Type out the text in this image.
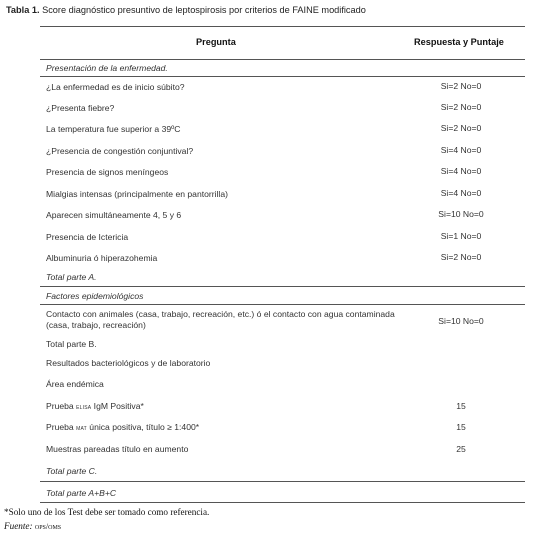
Tabla 1. Score diagnóstico presuntivo de leptospirosis por criterios de FAINE modificado
Pregunta	Respuesta y Puntaje
Presentación de la enfermedad.
¿La enfermedad es de inicio súbito?	Si=2 No=0
¿Presenta fiebre?	Si=2 No=0
La temperatura fue superior a 39ºC	Si=2 No=0
¿Presencia de congestión conjuntival?	Si=4 No=0
Presencia de signos meníngeos	Si=4 No=0
Mialgias intensas (principalmente en pantorrilla)	Si=4 No=0
Aparecen simultáneamente 4, 5 y 6	Si=10 No=0
Presencia de Ictericia	Si=1 No=0
Albuminuria ó hiperazohemia	Si=2 No=0
Total parte A.
Factores epidemiológicos
Contacto con animales (casa, trabajo, recreación, etc.) ó el contacto con agua contaminada (casa, trabajo, recreación)	Si=10 No=0
Total parte B.
Resultados bacteriológicos y de laboratorio
Área endémica
Prueba elisa IgM Positiva*	15
Prueba mat única positiva, título ≥ 1:400*	15
Muestras pareadas título en aumento	25
Total parte C.
Total parte A+B+C
*Solo uno de los Test debe ser tomado como referencia.
Fuente: ops/oms
